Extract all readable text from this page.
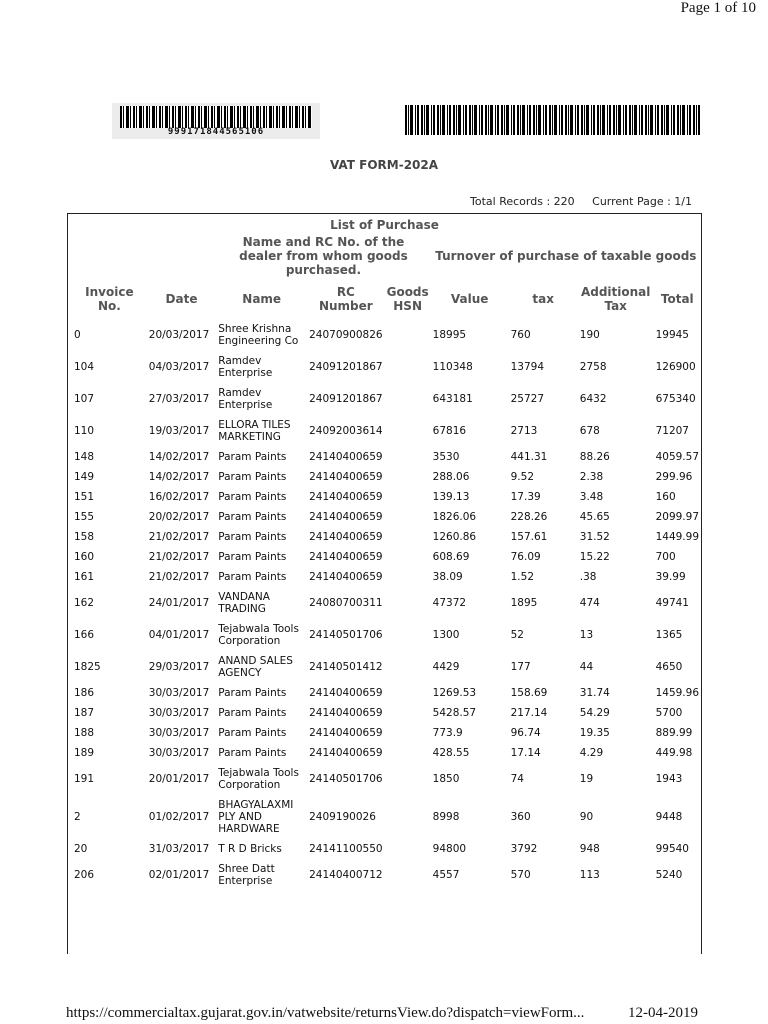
Page 1 of 10
999171844565106
VAT FORM-202A
Total Records : 220 Current Page : 1/1
List of Purchase								
		Name and RC No. of the dealer from whom goods purchased.			Turnover of purchase of taxable goods			
Invoice No.	Date	Name	RC Number	Goods HSN	Value	tax	Additional Tax	Total
0	20/03/2017	Shree Krishna Engineering Co	24070900826		18995	760	190	19945
104	04/03/2017	Ramdev Enterprise	24091201867		110348	13794	2758	126900
107	27/03/2017	Ramdev Enterprise	24091201867		643181	25727	6432	675340
110	19/03/2017	ELLORA TILES MARKETING	24092003614		67816	2713	678	71207
148	14/02/2017	Param Paints	24140400659		3530	441.31	88.26	4059.57
149	14/02/2017	Param Paints	24140400659		288.06	9.52	2.38	299.96
151	16/02/2017	Param Paints	24140400659		139.13	17.39	3.48	160
155	20/02/2017	Param Paints	24140400659		1826.06	228.26	45.65	2099.97
158	21/02/2017	Param Paints	24140400659		1260.86	157.61	31.52	1449.99
160	21/02/2017	Param Paints	24140400659		608.69	76.09	15.22	700
161	21/02/2017	Param Paints	24140400659		38.09	1.52	.38	39.99
162	24/01/2017	VANDANA TRADING	24080700311		47372	1895	474	49741
166	04/01/2017	Tejabwala Tools Corporation	24140501706		1300	52	13	1365
1825	29/03/2017	ANAND SALES AGENCY	24140501412		4429	177	44	4650
186	30/03/2017	Param Paints	24140400659		1269.53	158.69	31.74	1459.96
187	30/03/2017	Param Paints	24140400659		5428.57	217.14	54.29	5700
188	30/03/2017	Param Paints	24140400659		773.9	96.74	19.35	889.99
189	30/03/2017	Param Paints	24140400659		428.55	17.14	4.29	449.98
191	20/01/2017	Tejabwala Tools Corporation	24140501706		1850	74	19	1943
2	01/02/2017	BHAGYALAXMI PLY AND HARDWARE	2409190026		8998	360	90	9448
20	31/03/2017	T R D Bricks	24141100550		94800	3792	948	99540
206	02/01/2017	Shree Datt Enterprise	24140400712		4557	570	113	5240
https://commercialtax.gujarat.gov.in/vatwebsite/returnsView.do?dispatch=viewForm...	12-04-2019
